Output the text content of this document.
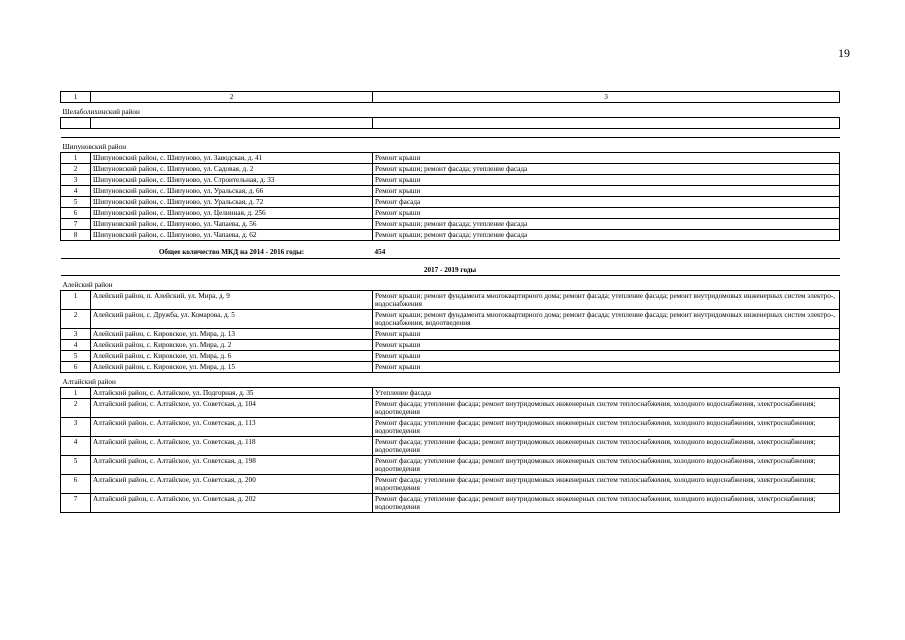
19
1	2	3
Шелаболихинский район		

Шипуновский район		
1	Шипуновский район, с. Шипуново, ул. Заводская, д. 41	Ремонт крыши
2	Шипуновский район, с. Шипуново, ул. Садовая, д. 2	Ремонт крыши; ремонт фасада; утепление фасада
3	Шипуновский район, с. Шипуново, ул. Строительная, д. 33	Ремонт крыши
4	Шипуновский район, с. Шипуново, ул. Уральская, д. 66	Ремонт крыши
5	Шипуновский район, с. Шипуново, ул. Уральская, д. 72	Ремонт фасада
6	Шипуновский район, с. Шипуново, ул. Целинная, д. 256	Ремонт крыши
7	Шипуновский район, с. Шипуново, ул. Чапаева, д. 56	Ремонт крыши; ремонт фасада; утепление фасада
8	Шипуновский район, с. Шипуново, ул. Чапаева, д. 62	Ремонт крыши; ремонт фасада; утепление фасада
	Общее количество МКД на 2014 - 2016 годы:	454
2017 - 2019 годы		
Алейский район		
1	Алейский район, п. Алейский, ул. Мира, д. 9	Ремонт крыши; ремонт фундамента многоквартирного дома; ремонт фасада; утепление фасада; ремонт внутридомовых инженерных систем электро-, водоснабжения
2	Алейский район, с. Дружба, ул. Комарова, д. 5	Ремонт крыши; ремонт фундамента многоквартирного дома; ремонт фасада; утепление фасада; ремонт внутридомовых инженерных систем электро-, водоснабжения, водоотведения
3	Алейский район, с. Кировское, ул. Мира, д. 13	Ремонт крыши
4	Алейский район, с. Кировское, ул. Мира, д. 2	Ремонт крыши
5	Алейский район, с. Кировское, ул. Мира, д. 6	Ремонт крыши
6	Алейский район, с. Кировское, ул. Мира, д. 15	Ремонт крыши
Алтайский район		
1	Алтайский район, с. Алтайское, ул. Подгорная, д. 35	Утепление фасада
2	Алтайский район, с. Алтайское, ул. Советская, д. 104	Ремонт фасада; утепление фасада; ремонт внутридомовых инженерных систем теплоснабжения, холодного водоснабжения, электроснабжения; водоотведения
3	Алтайский район, с. Алтайское, ул. Советская, д. 113	Ремонт фасада; утепление фасада; ремонт внутридомовых инженерных систем теплоснабжения, холодного водоснабжения, электроснабжения; водоотведения
4	Алтайский район, с. Алтайское, ул. Советская, д. 118	Ремонт фасада; утепление фасада; ремонт внутридомовых инженерных систем теплоснабжения, холодного водоснабжения, электроснабжения; водоотведения
5	Алтайский район, с. Алтайское, ул. Советская, д. 198	Ремонт фасада; утепление фасада; ремонт внутридомовых инженерных систем теплоснабжения, холодного водоснабжения, электроснабжения; водоотведения
6	Алтайский район, с. Алтайское, ул. Советская, д. 200	Ремонт фасада; утепление фасада; ремонт внутридомовых инженерных систем теплоснабжения, холодного водоснабжения, электроснабжения; водоотведения
7	Алтайский район, с. Алтайское, ул. Советская, д. 202	Ремонт фасада; утепление фасада; ремонт внутридомовых инженерных систем теплоснабжения, холодного водоснабжения, электроснабжения; водоотведения
